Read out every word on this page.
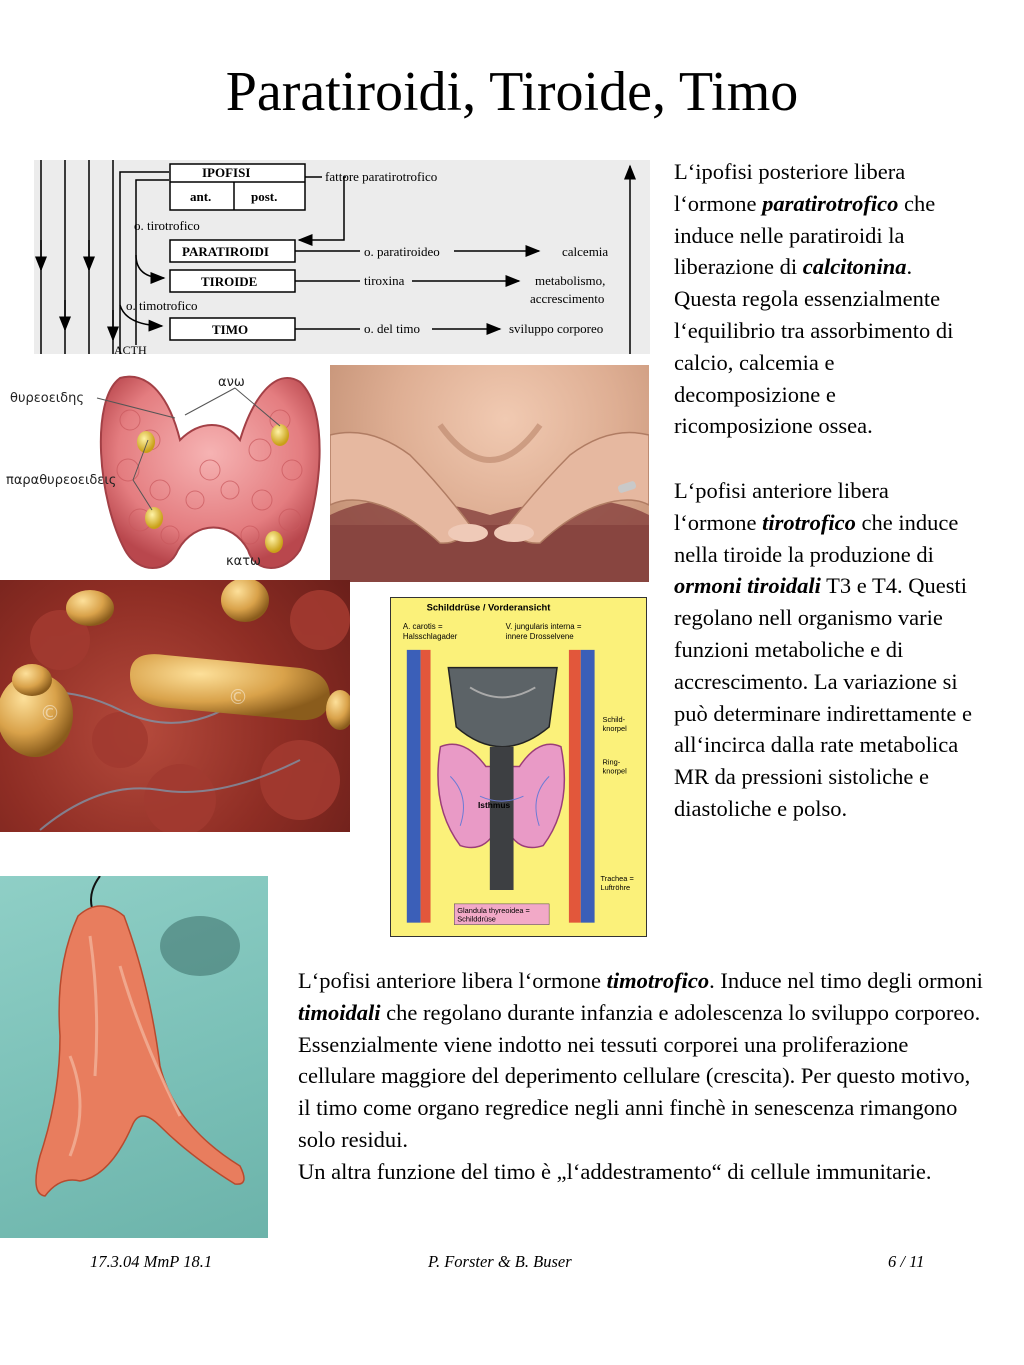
Paratiroidi, Tiroide, Timo
IPOFISI
ant.	post.
fattore paratirotrofico
o. tirotrofico
PARATIROIDI	o. paratiroideo	calcemia
TIROIDE	tiroxina	metabolismo,
accrescimento
o. timotrofico
TIMO	o. del timo	sviluppo corporeo
ACTH
θυρεοειδης
ανω
παραθυρεοειδεις
κατω
©
©
Schilddrüse / Vorderansicht
A. carotis =
Halsschlagader
V. jungularis interna =
innere Drosselvene
Schild-
knorpel
Ring-
knorpel
Isthmus
Trachea =
Luftröhre
Glandula thyreoidea =
Schilddrüse
L‘ipofisi posteriore libera l‘ormone paratirotrofico che induce nelle paratiroidi la liberazione di calcitonina. Questa regola essenzialmente l‘equilibrio tra assorbimento di calcio, calcemia e decomposizione e ricomposizione ossea.
L‘pofisi anteriore libera l‘ormone tirotrofico che induce nella tiroide la produzione di ormoni tiroidali T3 e T4. Questi regolano nell organismo varie funzioni metaboliche e di accrescimento. La variazione si può determinare indirettamente e all‘incirca dalla rate metabolica MR da pressioni sistoliche e diastoliche e polso.
L‘pofisi anteriore libera l‘ormone timotrofico. Induce nel timo degli ormoni timoidali che regolano durante infanzia e adolescenza lo sviluppo corporeo. Essenzialmente viene indotto nei tessuti corporei una proliferazione cellulare maggiore del deperimento cellulare (crescita). Per questo motivo, il timo come organo regredice negli anni finchè in senescenza rimangono solo residui.
Un altra funzione del timo è „l‘addestramento“ di cellule immunitarie.
17.3.04 MmP 18.1	P. Forster & B. Buser	6 / 11
